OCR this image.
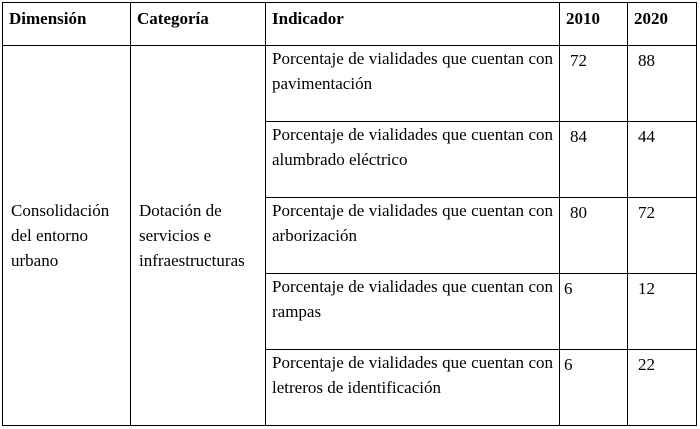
Dimensión	Categoría	Indicador	2010	2020
Consolidación del entorno urbano	Dotación de servicios e infraestructuras	Porcentaje de vialidades que cuentan con pavimentación	72	88

		Porcentaje de vialidades que cuentan con alumbrado eléctrico	84	44

		Porcentaje de vialidades que cuentan con arborización	80	72

		Porcentaje de vialidades que cuentan con rampas	6	12

		Porcentaje de vialidades que cuentan con letreros de identificación	6	22
